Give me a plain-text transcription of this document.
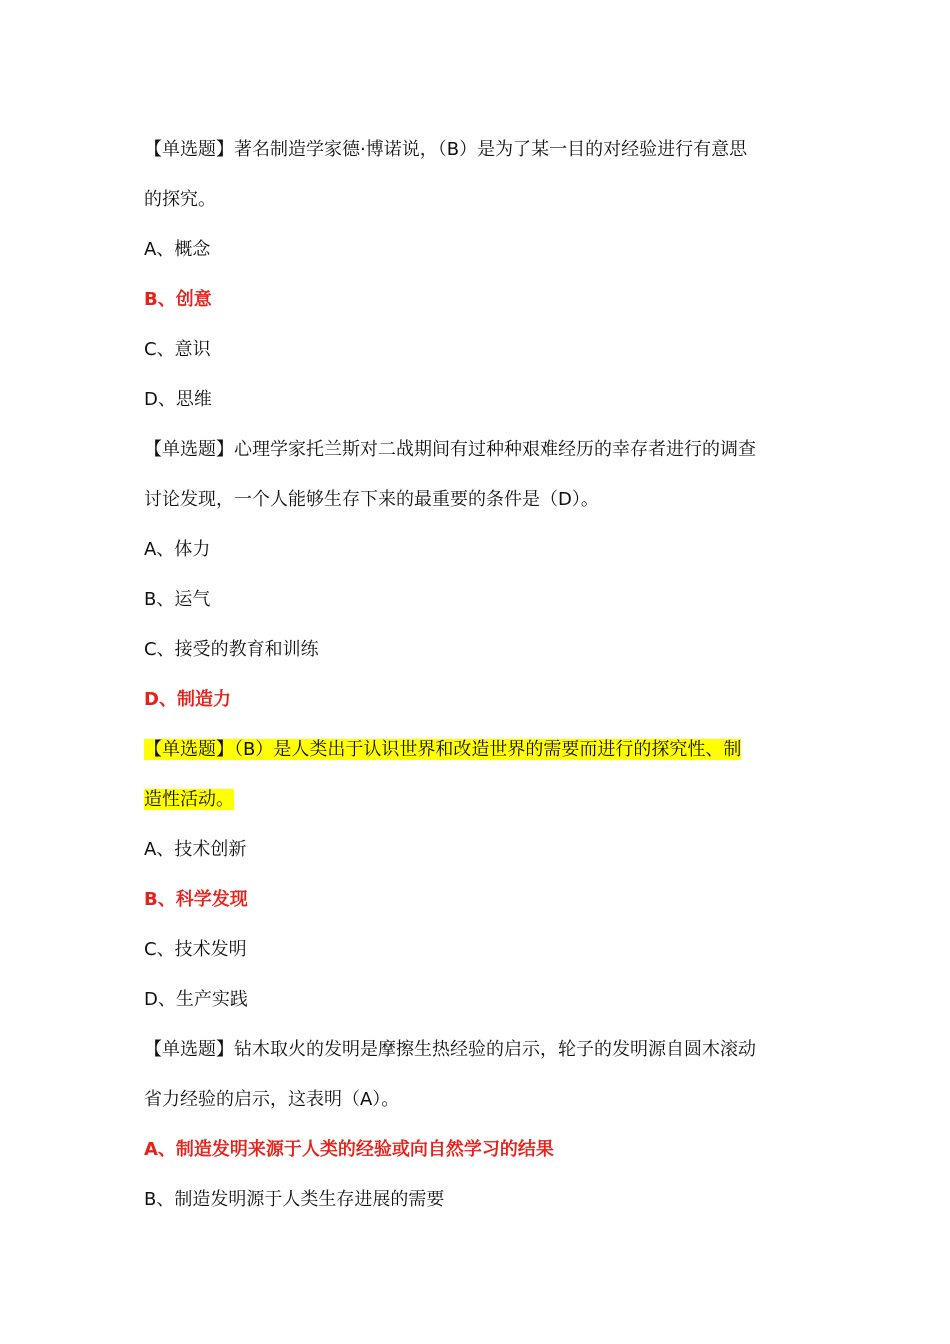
【单选题】著名制造学家德·博诺说，（B）是为了某一目的对经验进行有意思
的探究。
A、概念
B、创意
C、意识
D、思维
【单选题】心理学家托兰斯对二战期间有过种种艰难经历的幸存者进行的调查
讨论发现，一个人能够生存下来的最重要的条件是（D）。
A、体力
B、运气
C、接受的教育和训练
D、制造力
【单选题】（B）是人类出于认识世界和改造世界的需要而进行的探究性、制
造性活动。
A、技术创新
B、科学发现
C、技术发明
D、生产实践
【单选题】钻木取火的发明是摩擦生热经验的启示，轮子的发明源自圆木滚动
省力经验的启示，这表明（A）。
A、制造发明来源于人类的经验或向自然学习的结果
B、制造发明源于人类生存进展的需要
